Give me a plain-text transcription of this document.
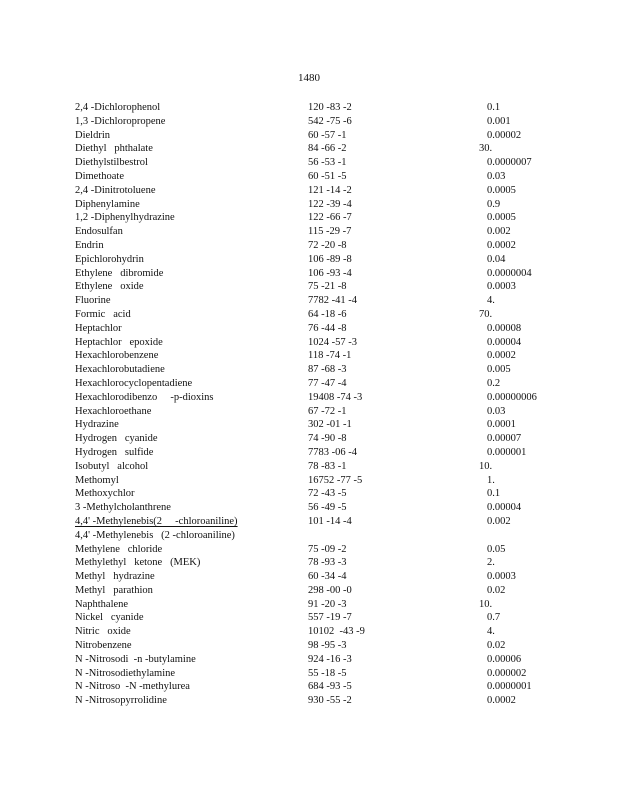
1480
2,4 -Dichlorophenol	120 -83 -2	0.1
1,3 -Dichloropropene	542 -75 -6	0.001
Dieldrin	60 -57 -1	0.00002
Diethyl   phthalate	84 -66 -2	30.
Diethylstilbestrol	56 -53 -1	0.0000007
Dimethoate	60 -51 -5	0.03
2,4 -Dinitrotoluene	121 -14 -2	0.0005
Diphenylamine	122 -39 -4	0.9
1,2 -Diphenylhydrazine	122 -66 -7	0.0005
Endosulfan	115 -29 -7	0.002
Endrin	72 -20 -8	0.0002
Epichlorohydrin	106 -89 -8	0.04
Ethylene   dibromide	106 -93 -4	0.0000004
Ethylene   oxide	75 -21 -8	0.0003
Fluorine	7782 -41 -4	4.
Formic   acid	64 -18 -6	70.
Heptachlor	76 -44 -8	0.00008
Heptachlor   epoxide	1024 -57 -3	0.00004
Hexachlorobenzene	118 -74 -1	0.0002
Hexachlorobutadiene	87 -68 -3	0.005
Hexachlorocyclopentadiene	77 -47 -4	0.2
Hexachlorodibenzo     -p-dioxins	19408 -74 -3	0.00000006
Hexachloroethane	67 -72 -1	0.03
Hydrazine	302 -01 -1	0.0001
Hydrogen   cyanide	74 -90 -8	0.00007
Hydrogen   sulfide	7783 -06 -4	0.000001
Isobutyl   alcohol	78 -83 -1	10.
Methomyl	16752 -77 -5	1.
Methoxychlor	72 -43 -5	0.1
3 -Methylcholanthrene	56 -49 -5	0.00004
4,4' -Methylenebis(2     -chloroaniline)	101 -14 -4	0.002
4,4' -Methylenebis   (2 -chloroaniline)
Methylene   chloride	75 -09 -2	0.05
Methylethyl   ketone   (MEK)	78 -93 -3	2.
Methyl   hydrazine	60 -34 -4	0.0003
Methyl   parathion	298 -00 -0	0.02
Naphthalene	91 -20 -3	10.
Nickel   cyanide	557 -19 -7	0.7
Nitric   oxide	10102  -43 -9	4.
Nitrobenzene	98 -95 -3	0.02
N -Nitrosodi  -n -butylamine	924 -16 -3	0.00006
N -Nitrosodiethylamine	55 -18 -5	0.000002
N -Nitroso  -N -methylurea	684 -93 -5	0.0000001
N -Nitrosopyrrolidine	930 -55 -2	0.0002
